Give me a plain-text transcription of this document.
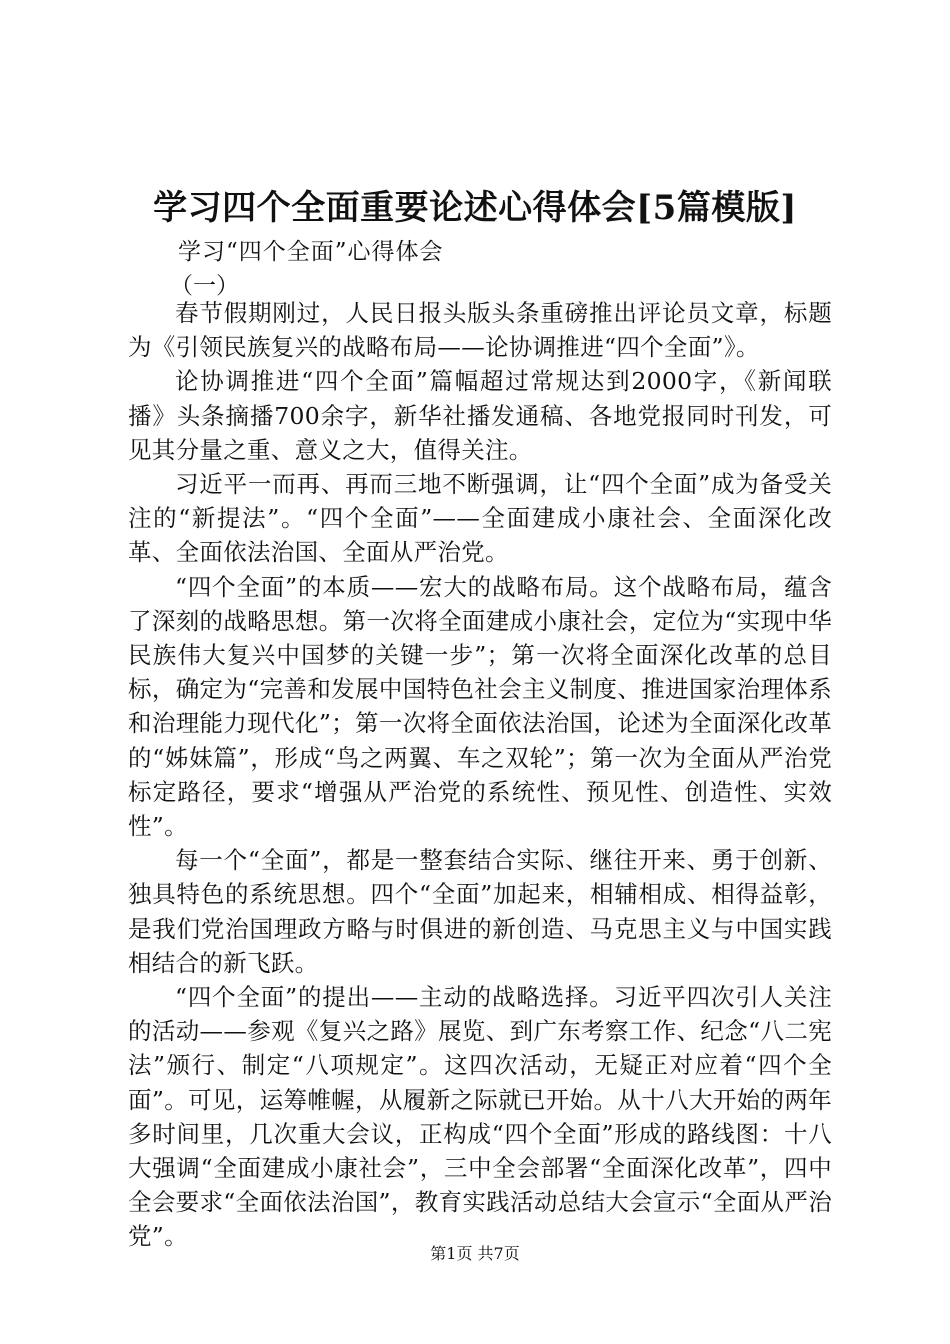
学习四个全面重要论述心得体会[5篇模版]

学习“四个全面”心得体会

（一）

春节假期刚过，人民日报头版头条重磅推出评论员文章，标题为《引领民族复兴的战略布局——论协调推进“四个全面”》。

论协调推进“四个全面”篇幅超过常规达到2000字，《新闻联播》头条摘播700余字，新华社播发通稿、各地党报同时刊发，可见其分量之重、意义之大，值得关注。

习近平一而再、再而三地不断强调，让“四个全面”成为备受关注的“新提法”。“四个全面”——全面建成小康社会、全面深化改革、全面依法治国、全面从严治党。

“四个全面”的本质——宏大的战略布局。这个战略布局，蕴含了深刻的战略思想。第一次将全面建成小康社会，定位为“实现中华民族伟大复兴中国梦的关键一步”；第一次将全面深化改革的总目标，确定为“完善和发展中国特色社会主义制度、推进国家治理体系和治理能力现代化”；第一次将全面依法治国，论述为全面深化改革的“姊妹篇”，形成“鸟之两翼、车之双轮”；第一次为全面从严治党标定路径，要求“增强从严治党的系统性、预见性、创造性、实效性”。

每一个“全面”，都是一整套结合实际、继往开来、勇于创新、独具特色的系统思想。四个“全面”加起来，相辅相成、相得益彰，是我们党治国理政方略与时俱进的新创造、马克思主义与中国实践相结合的新飞跃。

“四个全面”的提出——主动的战略选择。习近平四次引人关注的活动——参观《复兴之路》展览、到广东考察工作、纪念“八二宪法”颁行、制定“八项规定”。这四次活动，无疑正对应着“四个全面”。可见，运筹帷幄，从履新之际就已开始。从十八大开始的两年多时间里，几次重大会议，正构成“四个全面”形成的路线图：十八大强调“全面建成小康社会”，三中全会部署“全面深化改革”，四中全会要求“全面依法治国”，教育实践活动总结大会宣示“全面从严治党”。

第1页 共7页
